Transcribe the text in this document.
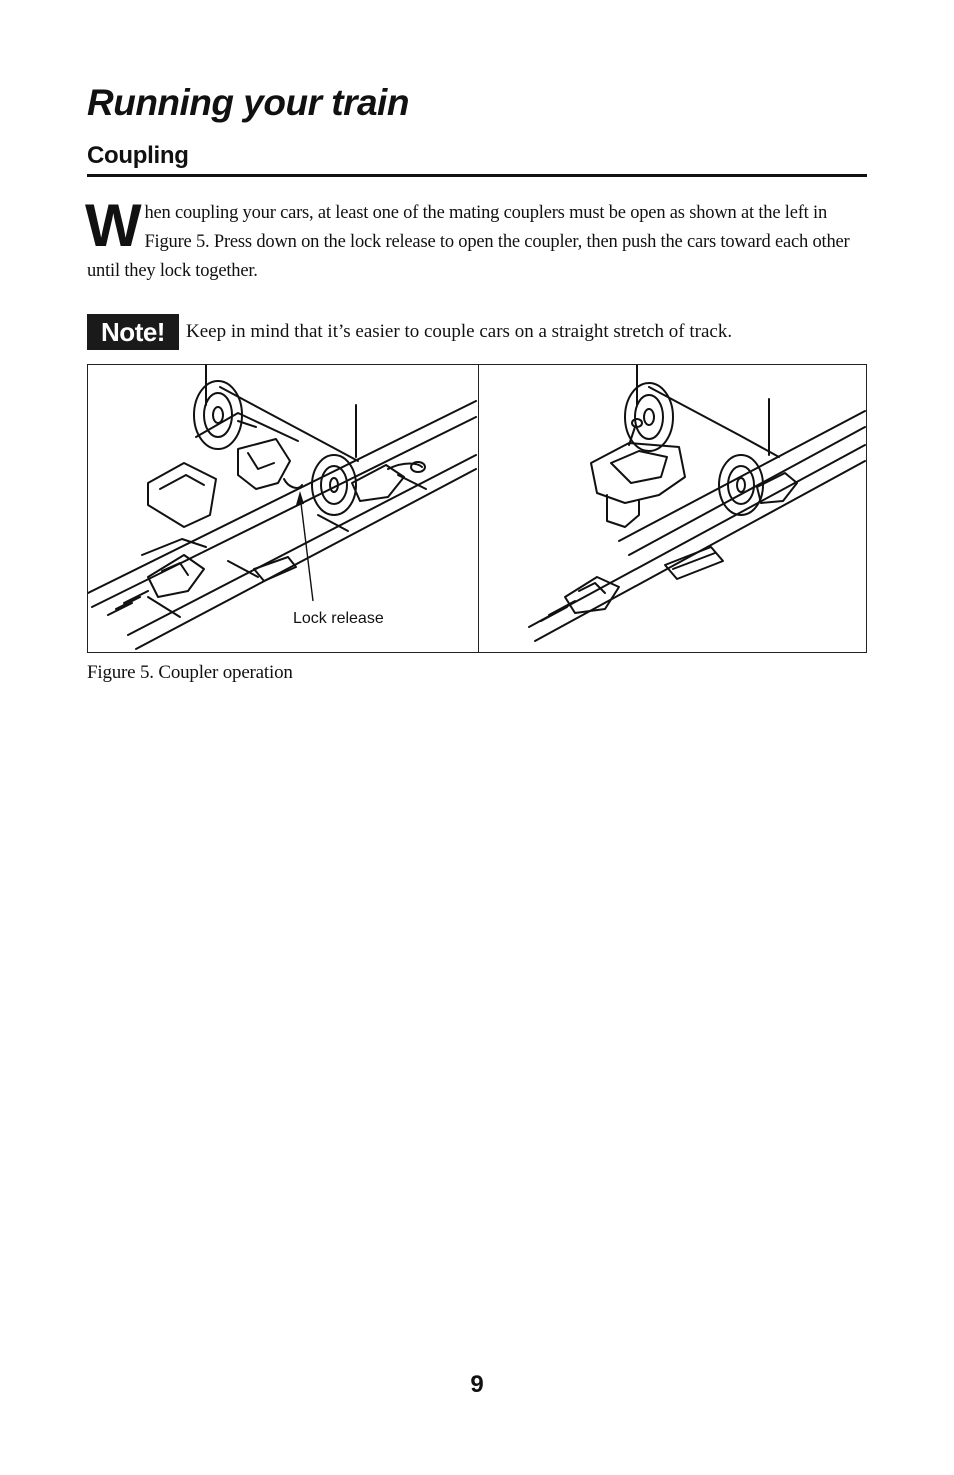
Running your train
Coupling

When coupling your cars, at least one of the mating couplers must be open as shown at the left in Figure 5. Press down on the lock release to open the coupler, then push the cars toward each other until they lock together.

Note!	Keep in mind that it’s easier to couple cars on a straight stretch of track.
Lock release

Figure 5. Coupler operation

9
